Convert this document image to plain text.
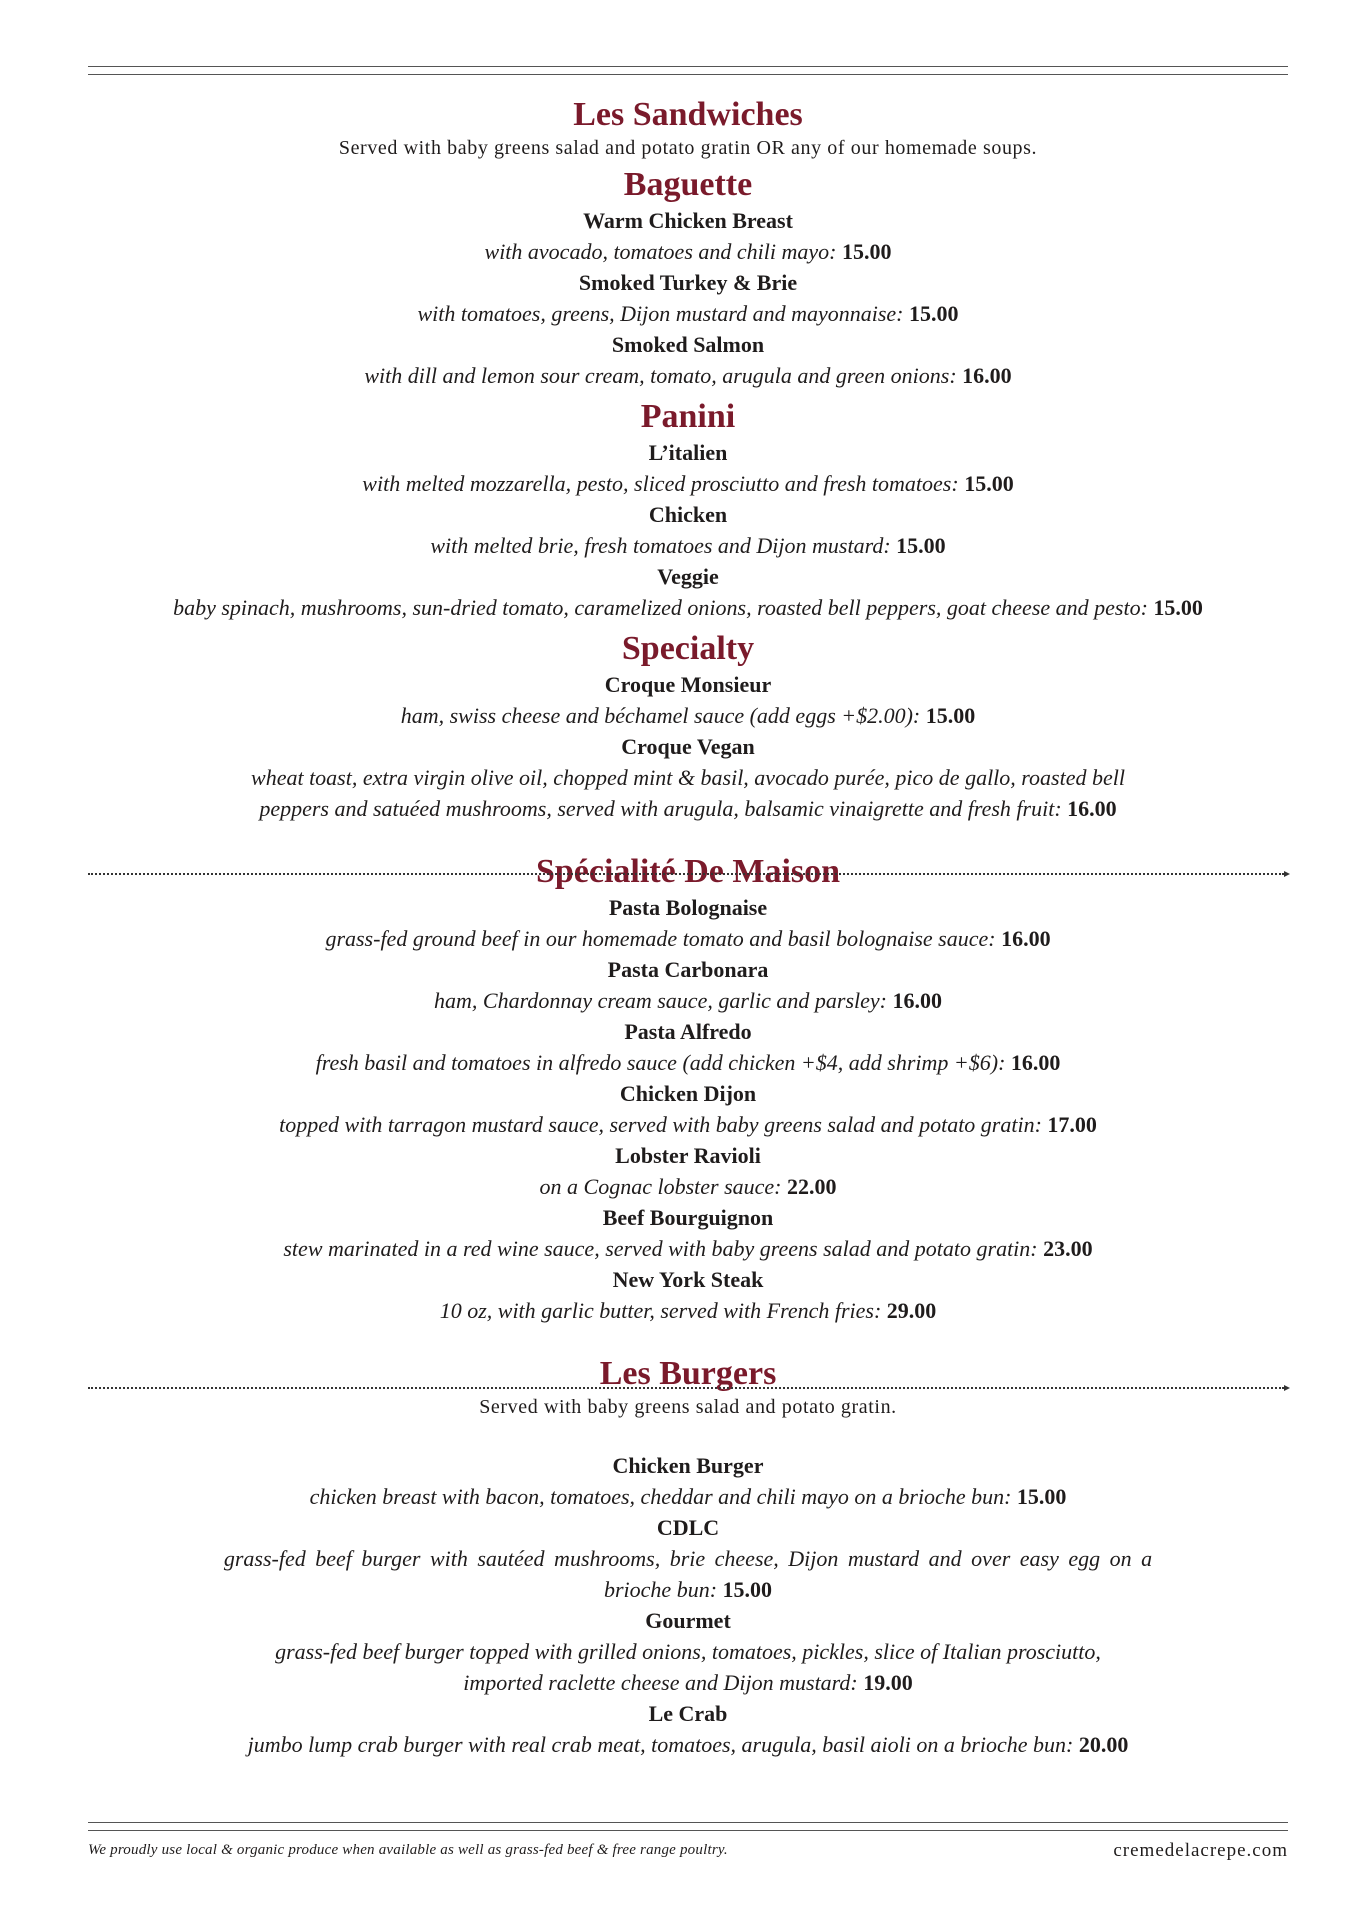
Les Sandwiches

Served with baby greens salad and potato gratin OR any of our homemade soups.

Baguette

Warm Chicken Breast

with avocado, tomatoes and chili mayo: 15.00

Smoked Turkey & Brie

with tomatoes, greens, Dijon mustard and mayonnaise: 15.00

Smoked Salmon

with dill and lemon sour cream, tomato, arugula and green onions: 16.00

Panini

L’italien

with melted mozzarella, pesto, sliced prosciutto and fresh tomatoes: 15.00

Chicken

with melted brie, fresh tomatoes and Dijon mustard: 15.00

Veggie

baby spinach, mushrooms, sun-dried tomato, caramelized onions, roasted bell peppers, goat cheese and pesto: 15.00

Specialty

Croque Monsieur

ham, swiss cheese and béchamel sauce (add eggs +$2.00): 15.00

Croque Vegan

wheat toast, extra virgin olive oil, chopped mint & basil, avocado purée, pico de gallo, roasted bell

peppers and satuéed mushrooms, served with arugula, balsamic vinaigrette and fresh fruit: 16.00

Spécialité De Maison

Pasta Bolognaise

grass-fed ground beef in our homemade tomato and basil bolognaise sauce: 16.00

Pasta Carbonara

ham, Chardonnay cream sauce, garlic and parsley: 16.00

Pasta Alfredo

fresh basil and tomatoes in alfredo sauce (add chicken +$4, add shrimp +$6): 16.00

Chicken Dijon

topped with tarragon mustard sauce, served with baby greens salad and potato gratin: 17.00

Lobster Ravioli

on a Cognac lobster sauce: 22.00

Beef Bourguignon

stew marinated in a red wine sauce, served with baby greens salad and potato gratin: 23.00

New York Steak

10 oz, with garlic butter, served with French fries: 29.00

Les Burgers

Served with baby greens salad and potato gratin.

Chicken Burger

chicken breast with bacon, tomatoes, cheddar and chili mayo on a brioche bun: 15.00

CDLC

grass-fed beef burger with sautéed mushrooms, brie cheese, Dijon mustard and over easy egg on a

brioche bun: 15.00

Gourmet

grass-fed beef burger topped with grilled onions, tomatoes, pickles, slice of Italian prosciutto,

imported raclette cheese and Dijon mustard: 19.00

Le Crab

jumbo lump crab burger with real crab meat, tomatoes, arugula, basil aioli on a brioche bun: 20.00

We proudly use local & organic produce when available as well as grass-fed beef & free range poultry.	cremedelacrepe.com
